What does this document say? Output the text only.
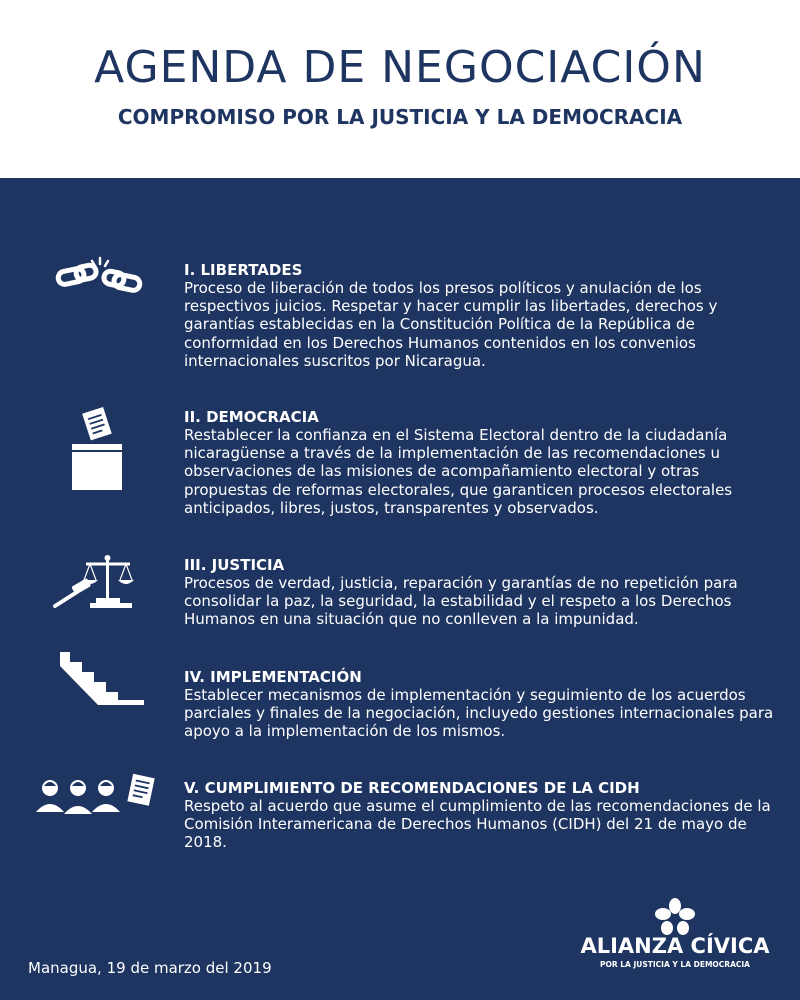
AGENDA DE NEGOCIACIÓN
COMPROMISO POR LA JUSTICIA Y LA DEMOCRACIA
I. LIBERTADES
Proceso de liberación de todos los presos políticos y anulación de los respectivos juicios. Respetar y hacer cumplir las libertades, derechos y garantías establecidas en la Constitución Política de la República de conformidad en los Derechos Humanos contenidos en los convenios internacionales suscritos por Nicaragua.
II. DEMOCRACIA
Restablecer la confianza en el Sistema Electoral dentro de la ciudadanía nicaragüense a través de la implementación de las recomendaciones u observaciones de las misiones de acompañamiento electoral y otras propuestas de reformas electorales, que garanticen procesos electorales anticipados, libres, justos, transparentes y observados.
III. JUSTICIA
Procesos de verdad, justicia, reparación y garantías de no repetición para consolidar la paz, la seguridad, la estabilidad y el respeto a los Derechos Humanos en una situación que no conlleven a la impunidad.
IV. IMPLEMENTACIÓN
Establecer mecanismos de implementación y seguimiento de los acuerdos parciales y finales de la negociación, incluyedo gestiones internacionales para apoyo a la implementación de los mismos.
V. CUMPLIMIENTO DE RECOMENDACIONES DE LA CIDH
Respeto al acuerdo que asume el cumplimiento de las recomendaciones de la Comisión Interamericana de Derechos Humanos (CIDH) del 21 de mayo de 2018.
Managua, 19 de marzo del 2019
ALIANZA CÍVICA
POR LA JUSTICIA Y LA DEMOCRACIA
